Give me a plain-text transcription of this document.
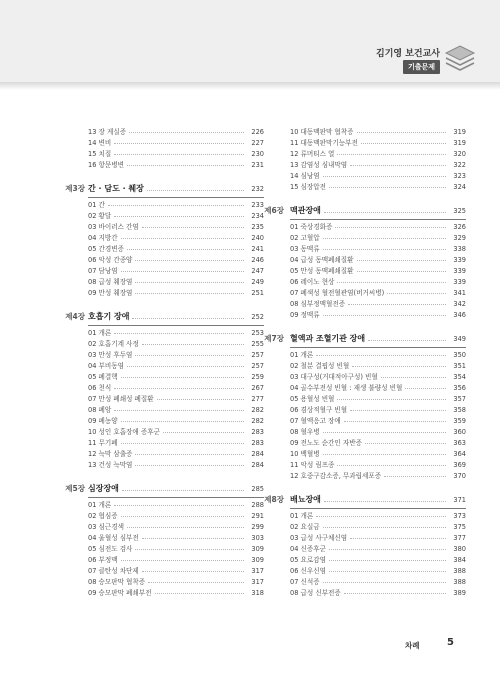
김기영 보건교사
기출문제
13 장 게실증	226
14 변비	227
15 치질	230
16 항문병변	231
제3장 간 · 담도 · 췌장	232
01 간	233
02 황달	234
03 바이러스 간염	235
04 지방간	240
05 간경변증	241
06 악성 간종양	246
07 담낭염	247
08 급성 췌장염	249
09 만성 췌장염	251
제4장 호흡기 장애	252
01 개론	253
02 호흡기계 사정	255
03 만성 후두염	257
04 부비동염	257
05 폐결핵	259
06 천식	267
07 만성 폐쇄성 폐질환	277
08 폐암	282
09 폐농양	282
10 성인 호흡장애 증후군	283
11 무기폐	283
12 늑막 삼출증	284
13 건성 늑막염	284
제5장 심장장애	285
01 개론	288
02 협심증	291
03 심근경색	299
04 울혈성 심부전	303
05 심전도 검사	309
06 부정맥	309
07 클탄성 차단제	317
08 승모판막 협착증	317
09 승모판막 폐쇄부전	318
10 대동맥판막 협착증	319
11 대동맥판막기능부전	319
12 류머티스 열	320
13 감염성 심내막염	322
14 심낭염	323
15 심장압전	324
제6장 맥관장애	325
01 죽상경화증	326
02 고혈압	329
03 동맥류	338
04 급성 동맥폐쇄질환	339
05 만성 동맥폐쇄질환	339
06 레이노 현상	339
07 폐색성 혈전혈관염(버거씨병)	341
08 심부정맥혈전증	342
09 정맥류	346
제7장 혈액과 조혈기관 장애	349
01 개론	350
02 철분 결핍성 빈혈	351
03 대구성(거대적아구성) 빈혈	354
04 골수부전성 빈혈 : 재생 불량성 빈혈	356
05 용혈성 빈혈	357
06 겸상적혈구 빈혈	358
07 혈액응고 장애	359
08 혈우병	360
09 전노도 순간인 자반증	363
10 백혈병	364
11 악성 림프종	369
12 호중구감소증, 무과립세포증	370
제8장 배뇨장애	371
01 개론	373
02 요실금	375
03 급성 사구체신염	377
04 신증후군	380
05 요로감염	384
06 신우신염	388
07 신석증	388
08 급성 신부전증	389
차례	5
